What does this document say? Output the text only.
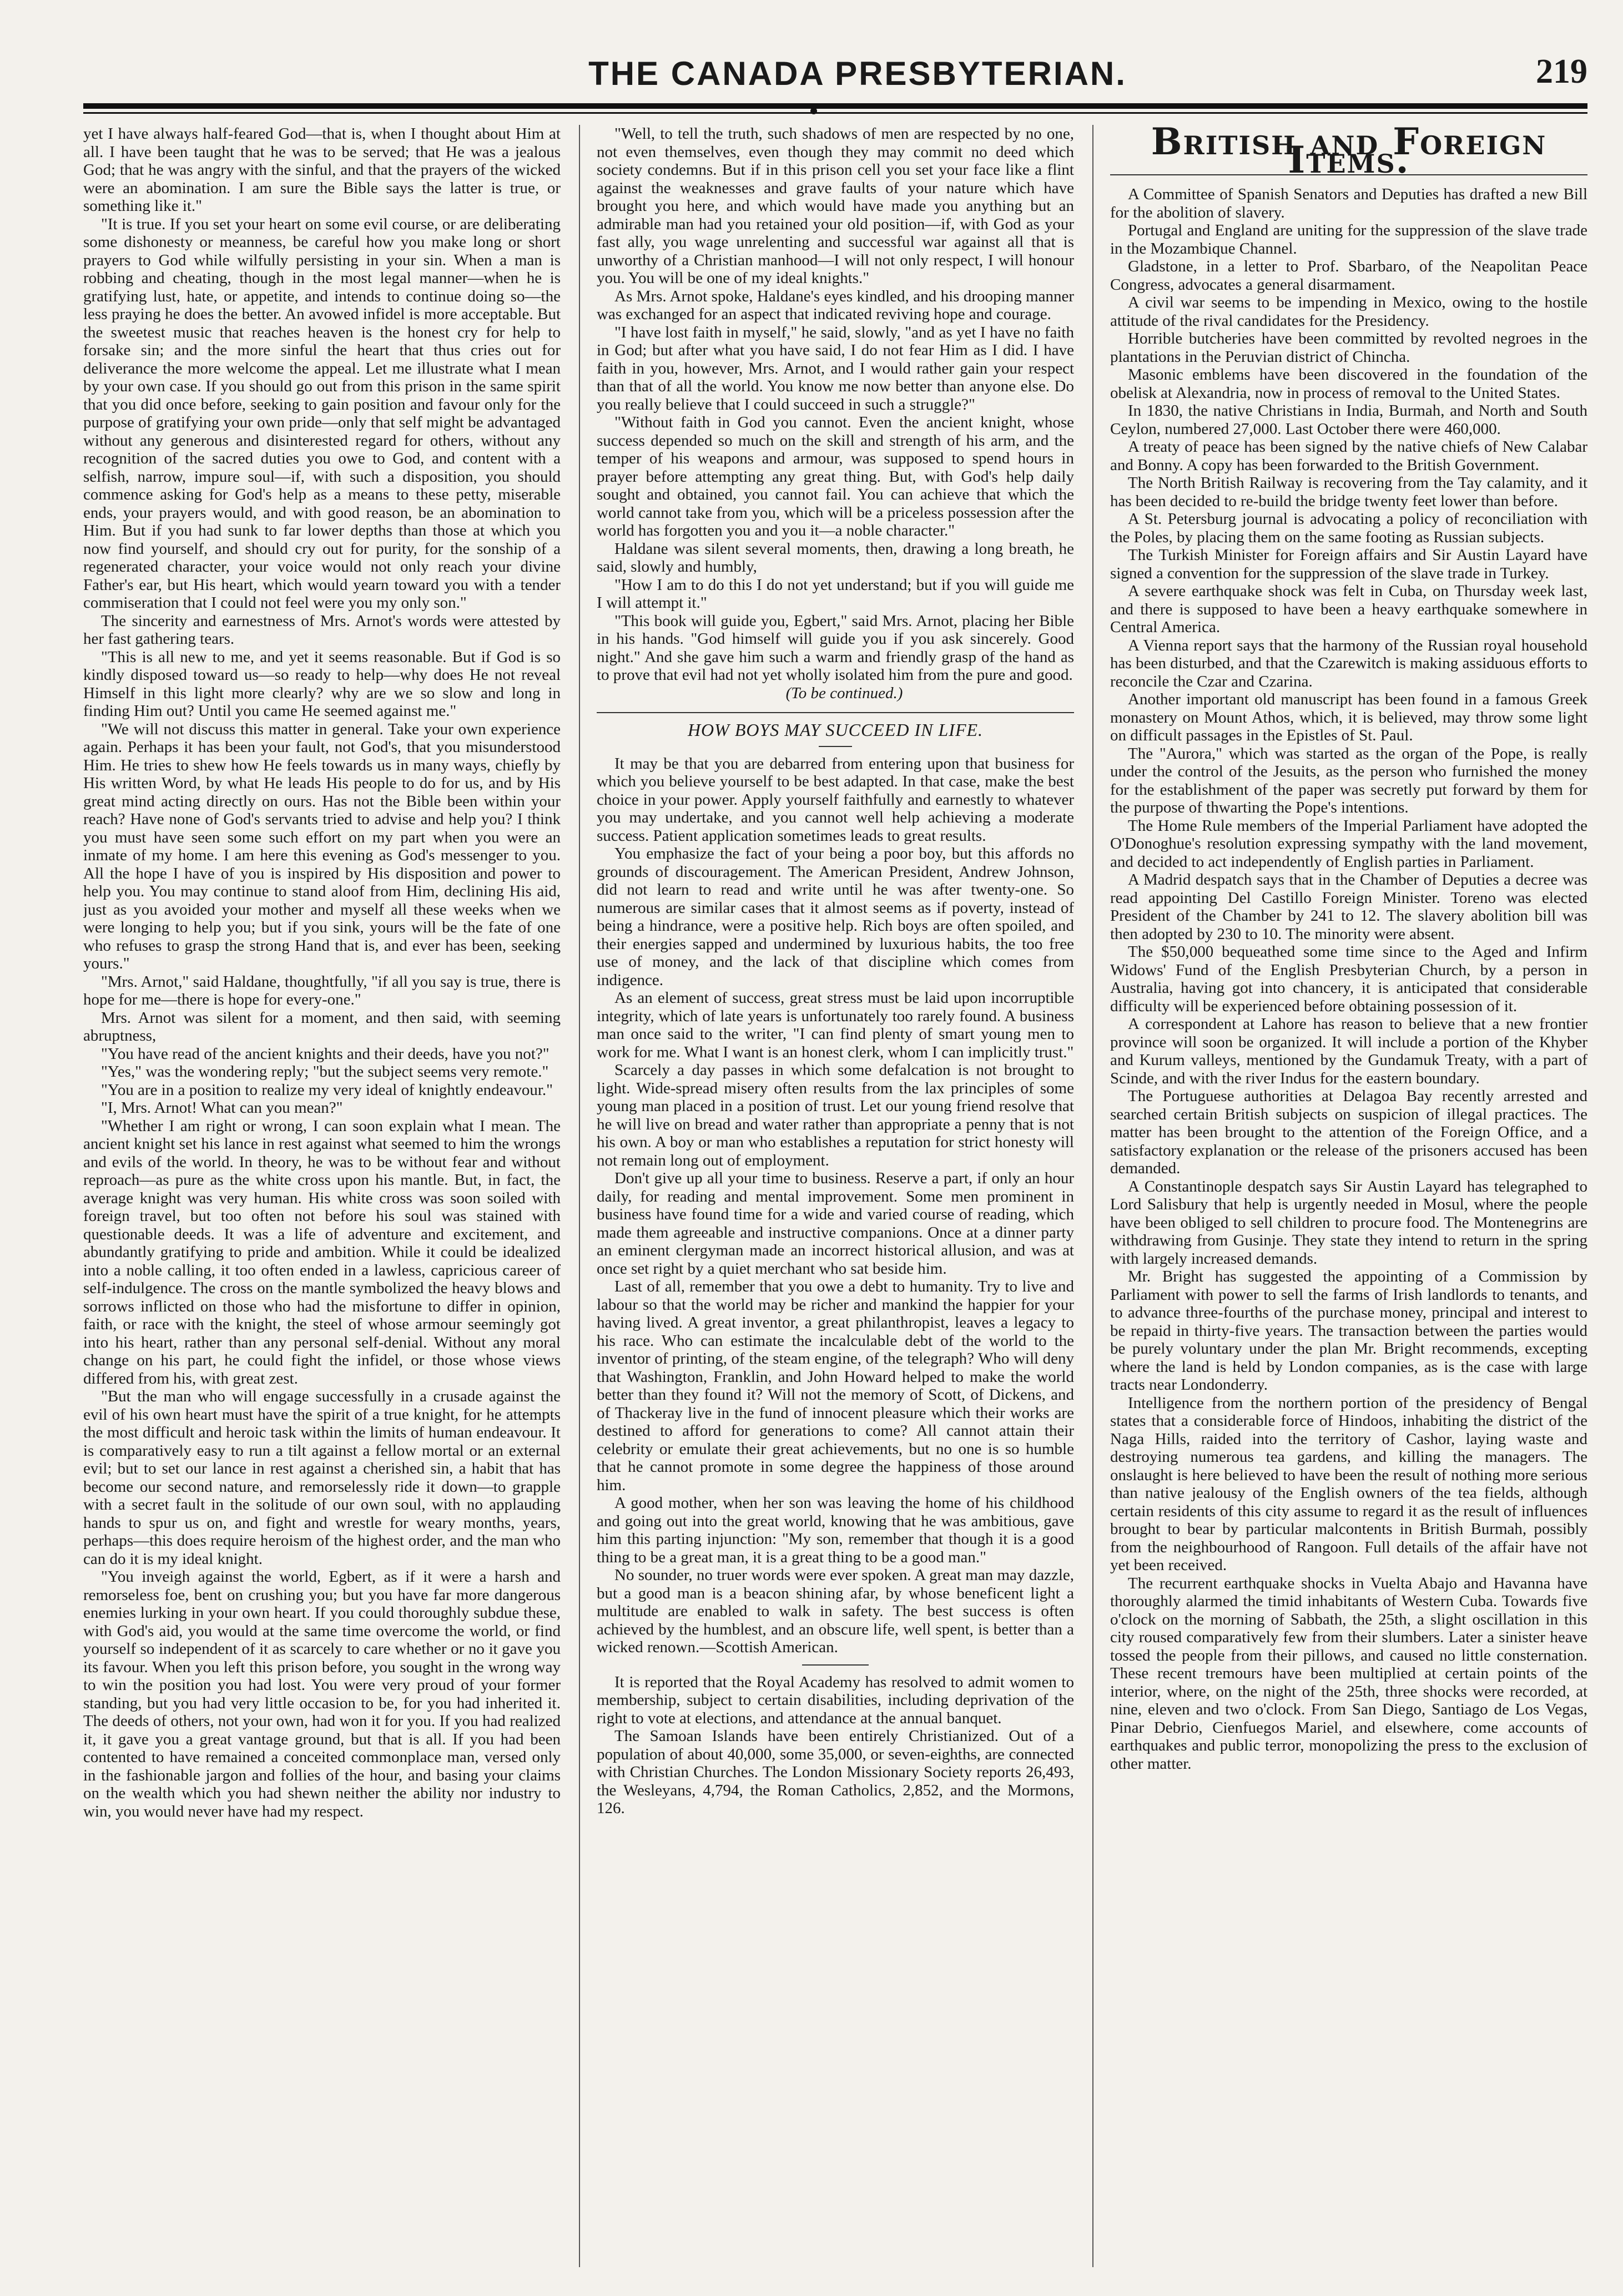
THE CANADA PRESBYTERIAN.	219

yet I have always half-feared God—that is, when I thought about Him at all. I have been taught that he was to be served; that He was a jealous God; that he was angry with the sinful, and that the prayers of the wicked were an abomination. I am sure the Bible says the latter is true, or something like it."

"It is true. If you set your heart on some evil course, or are deliberating some dishonesty or meanness, be careful how you make long or short prayers to God while wilfully persisting in your sin. When a man is robbing and cheating, though in the most legal manner—when he is gratifying lust, hate, or appetite, and intends to continue doing so—the less praying he does the better. An avowed infidel is more acceptable. But the sweetest music that reaches heaven is the honest cry for help to forsake sin; and the more sinful the heart that thus cries out for deliverance the more welcome the appeal. Let me illustrate what I mean by your own case. If you should go out from this prison in the same spirit that you did once before, seeking to gain position and favour only for the purpose of gratifying your own pride—only that self might be advantaged without any generous and disinterested regard for others, without any recognition of the sacred duties you owe to God, and content with a selfish, narrow, impure soul—if, with such a disposition, you should commence asking for God's help as a means to these petty, miserable ends, your prayers would, and with good reason, be an abomination to Him. But if you had sunk to far lower depths than those at which you now find yourself, and should cry out for purity, for the sonship of a regenerated character, your voice would not only reach your divine Father's ear, but His heart, which would yearn toward you with a tender commiseration that I could not feel were you my only son."

The sincerity and earnestness of Mrs. Arnot's words were attested by her fast gathering tears.

"This is all new to me, and yet it seems reasonable. But if God is so kindly disposed toward us—so ready to help—why does He not reveal Himself in this light more clearly? why are we so slow and long in finding Him out? Until you came He seemed against me."

"We will not discuss this matter in general. Take your own experience again. Perhaps it has been your fault, not God's, that you misunderstood Him. He tries to shew how He feels towards us in many ways, chiefly by His written Word, by what He leads His people to do for us, and by His great mind acting directly on ours. Has not the Bible been within your reach? Have none of God's servants tried to advise and help you? I think you must have seen some such effort on my part when you were an inmate of my home. I am here this evening as God's messenger to you. All the hope I have of you is inspired by His disposition and power to help you. You may continue to stand aloof from Him, declining His aid, just as you avoided your mother and myself all these weeks when we were longing to help you; but if you sink, yours will be the fate of one who refuses to grasp the strong Hand that is, and ever has been, seeking yours."

"Mrs. Arnot," said Haldane, thoughtfully, "if all you say is true, there is hope for me—there is hope for every-one."

Mrs. Arnot was silent for a moment, and then said, with seeming abruptness,

"You have read of the ancient knights and their deeds, have you not?"

"Yes," was the wondering reply; "but the subject seems very remote."

"You are in a position to realize my very ideal of knightly endeavour."

"I, Mrs. Arnot! What can you mean?"

"Whether I am right or wrong, I can soon explain what I mean. The ancient knight set his lance in rest against what seemed to him the wrongs and evils of the world. In theory, he was to be without fear and without reproach—as pure as the white cross upon his mantle. But, in fact, the average knight was very human. His white cross was soon soiled with foreign travel, but too often not before his soul was stained with questionable deeds. It was a life of adventure and excitement, and abundantly gratifying to pride and ambition. While it could be idealized into a noble calling, it too often ended in a lawless, capricious career of self-indulgence. The cross on the mantle symbolized the heavy blows and sorrows inflicted on those who had the misfortune to differ in opinion, faith, or race with the knight, the steel of whose armour seemingly got into his heart, rather than any personal self-denial. Without any moral change on his part, he could fight the infidel, or those whose views differed from his, with great zest.

"But the man who will engage successfully in a crusade against the evil of his own heart must have the spirit of a true knight, for he attempts the most difficult and heroic task within the limits of human endeavour. It is comparatively easy to run a tilt against a fellow mortal or an external evil; but to set our lance in rest against a cherished sin, a habit that has become our second nature, and remorselessly ride it down—to grapple with a secret fault in the solitude of our own soul, with no applauding hands to spur us on, and fight and wrestle for weary months, years, perhaps—this does require heroism of the highest order, and the man who can do it is my ideal knight.

"You inveigh against the world, Egbert, as if it were a harsh and remorseless foe, bent on crushing you; but you have far more dangerous enemies lurking in your own heart. If you could thoroughly subdue these, with God's aid, you would at the same time overcome the world, or find yourself so independent of it as scarcely to care whether or no it gave you its favour. When you left this prison before, you sought in the wrong way to win the position you had lost. You were very proud of your former standing, but you had very little occasion to be, for you had inherited it. The deeds of others, not your own, had won it for you. If you had realized it, it gave you a great vantage ground, but that is all. If you had been contented to have remained a conceited commonplace man, versed only in the fashionable jargon and follies of the hour, and basing your claims on the wealth which you had shewn neither the ability nor industry to win, you would never have had my respect.

"Well, to tell the truth, such shadows of men are respected by no one, not even themselves, even though they may commit no deed which society condemns. But if in this prison cell you set your face like a flint against the weaknesses and grave faults of your nature which have brought you here, and which would have made you anything but an admirable man had you retained your old position—if, with God as your fast ally, you wage unrelenting and successful war against all that is unworthy of a Christian manhood—I will not only respect, I will honour you. You will be one of my ideal knights."

As Mrs. Arnot spoke, Haldane's eyes kindled, and his drooping manner was exchanged for an aspect that indicated reviving hope and courage.

"I have lost faith in myself," he said, slowly, "and as yet I have no faith in God; but after what you have said, I do not fear Him as I did. I have faith in you, however, Mrs. Arnot, and I would rather gain your respect than that of all the world. You know me now better than anyone else. Do you really believe that I could succeed in such a struggle?"

"Without faith in God you cannot. Even the ancient knight, whose success depended so much on the skill and strength of his arm, and the temper of his weapons and armour, was supposed to spend hours in prayer before attempting any great thing. But, with God's help daily sought and obtained, you cannot fail. You can achieve that which the world cannot take from you, which will be a priceless possession after the world has forgotten you and you it—a noble character."

Haldane was silent several moments, then, drawing a long breath, he said, slowly and humbly,

"How I am to do this I do not yet understand; but if you will guide me I will attempt it."

"This book will guide you, Egbert," said Mrs. Arnot, placing her Bible in his hands. "God himself will guide you if you ask sincerely. Good night." And she gave him such a warm and friendly grasp of the hand as to prove that evil had not yet wholly isolated him from the pure and good.

(To be continued.)

HOW BOYS MAY SUCCEED IN LIFE.

It may be that you are debarred from entering upon that business for which you believe yourself to be best adapted. In that case, make the best choice in your power. Apply yourself faithfully and earnestly to whatever you may undertake, and you cannot well help achieving a moderate success. Patient application sometimes leads to great results.

You emphasize the fact of your being a poor boy, but this affords no grounds of discouragement. The American President, Andrew Johnson, did not learn to read and write until he was after twenty-one. So numerous are similar cases that it almost seems as if poverty, instead of being a hindrance, were a positive help. Rich boys are often spoiled, and their energies sapped and undermined by luxurious habits, the too free use of money, and the lack of that discipline which comes from indigence.

As an element of success, great stress must be laid upon incorruptible integrity, which of late years is unfortunately too rarely found. A business man once said to the writer, "I can find plenty of smart young men to work for me. What I want is an honest clerk, whom I can implicitly trust."

Scarcely a day passes in which some defalcation is not brought to light. Wide-spread misery often results from the lax principles of some young man placed in a position of trust. Let our young friend resolve that he will live on bread and water rather than appropriate a penny that is not his own. A boy or man who establishes a reputation for strict honesty will not remain long out of employment.

Don't give up all your time to business. Reserve a part, if only an hour daily, for reading and mental improvement. Some men prominent in business have found time for a wide and varied course of reading, which made them agreeable and instructive companions. Once at a dinner party an eminent clergyman made an incorrect historical allusion, and was at once set right by a quiet merchant who sat beside him.

Last of all, remember that you owe a debt to humanity. Try to live and labour so that the world may be richer and mankind the happier for your having lived. A great inventor, a great philanthropist, leaves a legacy to his race. Who can estimate the incalculable debt of the world to the inventor of printing, of the steam engine, of the telegraph? Who will deny that Washington, Franklin, and John Howard helped to make the world better than they found it? Will not the memory of Scott, of Dickens, and of Thackeray live in the fund of innocent pleasure which their works are destined to afford for generations to come? All cannot attain their celebrity or emulate their great achievements, but no one is so humble that he cannot promote in some degree the happiness of those around him.

A good mother, when her son was leaving the home of his childhood and going out into the great world, knowing that he was ambitious, gave him this parting injunction: "My son, remember that though it is a good thing to be a great man, it is a great thing to be a good man."

No sounder, no truer words were ever spoken. A great man may dazzle, but a good man is a beacon shining afar, by whose beneficent light a multitude are enabled to walk in safety. The best success is often achieved by the humblest, and an obscure life, well spent, is better than a wicked renown.—Scottish American.

It is reported that the Royal Academy has resolved to admit women to membership, subject to certain disabilities, including deprivation of the right to vote at elections, and attendance at the annual banquet.

The Samoan Islands have been entirely Christianized. Out of a population of about 40,000, some 35,000, or seven-eighths, are connected with Christian Churches. The London Missionary Society reports 26,493, the Wesleyans, 4,794, the Roman Catholics, 2,852, and the Mormons, 126.

British and Foreign Items.

A Committee of Spanish Senators and Deputies has drafted a new Bill for the abolition of slavery.

Portugal and England are uniting for the suppression of the slave trade in the Mozambique Channel.

Gladstone, in a letter to Prof. Sbarbaro, of the Neapolitan Peace Congress, advocates a general disarmament.

A civil war seems to be impending in Mexico, owing to the hostile attitude of the rival candidates for the Presidency.

Horrible butcheries have been committed by revolted negroes in the plantations in the Peruvian district of Chincha.

Masonic emblems have been discovered in the foundation of the obelisk at Alexandria, now in process of removal to the United States.

In 1830, the native Christians in India, Burmah, and North and South Ceylon, numbered 27,000. Last October there were 460,000.

A treaty of peace has been signed by the native chiefs of New Calabar and Bonny. A copy has been forwarded to the British Government.

The North British Railway is recovering from the Tay calamity, and it has been decided to re-build the bridge twenty feet lower than before.

A St. Petersburg journal is advocating a policy of reconciliation with the Poles, by placing them on the same footing as Russian subjects.

The Turkish Minister for Foreign affairs and Sir Austin Layard have signed a convention for the suppression of the slave trade in Turkey.

A severe earthquake shock was felt in Cuba, on Thursday week last, and there is supposed to have been a heavy earthquake somewhere in Central America.

A Vienna report says that the harmony of the Russian royal household has been disturbed, and that the Czarewitch is making assiduous efforts to reconcile the Czar and Czarina.

Another important old manuscript has been found in a famous Greek monastery on Mount Athos, which, it is believed, may throw some light on difficult passages in the Epistles of St. Paul.

The "Aurora," which was started as the organ of the Pope, is really under the control of the Jesuits, as the person who furnished the money for the establishment of the paper was secretly put forward by them for the purpose of thwarting the Pope's intentions.

The Home Rule members of the Imperial Parliament have adopted the O'Donoghue's resolution expressing sympathy with the land movement, and decided to act independently of English parties in Parliament.

A Madrid despatch says that in the Chamber of Deputies a decree was read appointing Del Castillo Foreign Minister. Toreno was elected President of the Chamber by 241 to 12. The slavery abolition bill was then adopted by 230 to 10. The minority were absent.

The $50,000 bequeathed some time since to the Aged and Infirm Widows' Fund of the English Presbyterian Church, by a person in Australia, having got into chancery, it is anticipated that considerable difficulty will be experienced before obtaining possession of it.

A correspondent at Lahore has reason to believe that a new frontier province will soon be organized. It will include a portion of the Khyber and Kurum valleys, mentioned by the Gundamuk Treaty, with a part of Scinde, and with the river Indus for the eastern boundary.

The Portuguese authorities at Delagoa Bay recently arrested and searched certain British subjects on suspicion of illegal practices. The matter has been brought to the attention of the Foreign Office, and a satisfactory explanation or the release of the prisoners accused has been demanded.

A Constantinople despatch says Sir Austin Layard has telegraphed to Lord Salisbury that help is urgently needed in Mosul, where the people have been obliged to sell children to procure food. The Montenegrins are withdrawing from Gusinje. They state they intend to return in the spring with largely increased demands.

Mr. Bright has suggested the appointing of a Commission by Parliament with power to sell the farms of Irish landlords to tenants, and to advance three-fourths of the purchase money, principal and interest to be repaid in thirty-five years. The transaction between the parties would be purely voluntary under the plan Mr. Bright recommends, excepting where the land is held by London companies, as is the case with large tracts near Londonderry.

Intelligence from the northern portion of the presidency of Bengal states that a considerable force of Hindoos, inhabiting the district of the Naga Hills, raided into the territory of Cashor, laying waste and destroying numerous tea gardens, and killing the managers. The onslaught is here believed to have been the result of nothing more serious than native jealousy of the English owners of the tea fields, although certain residents of this city assume to regard it as the result of influences brought to bear by particular malcontents in British Burmah, possibly from the neighbourhood of Rangoon. Full details of the affair have not yet been received.

The recurrent earthquake shocks in Vuelta Abajo and Havanna have thoroughly alarmed the timid inhabitants of Western Cuba. Towards five o'clock on the morning of Sabbath, the 25th, a slight oscillation in this city roused comparatively few from their slumbers. Later a sinister heave tossed the people from their pillows, and caused no little consternation. These recent tremours have been multiplied at certain points of the interior, where, on the night of the 25th, three shocks were recorded, at nine, eleven and two o'clock. From San Diego, Santiago de Los Vegas, Pinar Debrio, Cienfuegos Mariel, and elsewhere, come accounts of earthquakes and public terror, monopolizing the press to the exclusion of other matter.
